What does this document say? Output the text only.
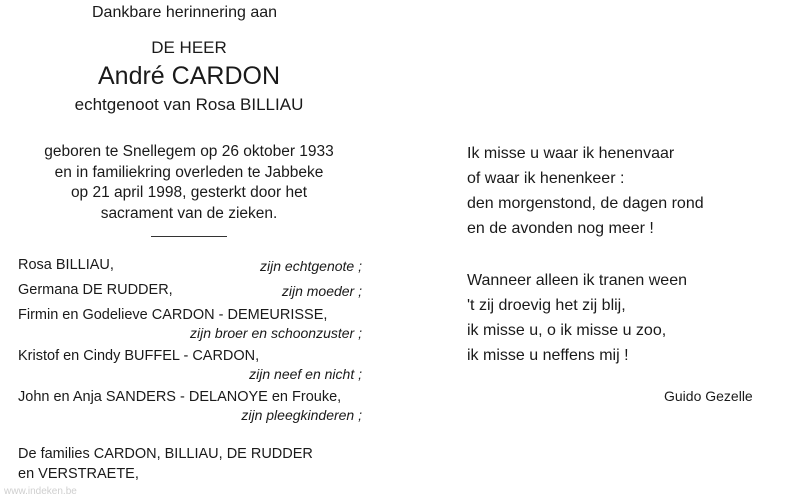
Dankbare herinnering aan
DE HEER
André CARDON
echtgenoot van Rosa BILLIAU
geboren te Snellegem op 26 oktober 1933
en in familiekring overleden te Jabbeke
op 21 april 1998, gesterkt door het
sacrament van de zieken.
Rosa BILLIAU,	zijn echtgenote ;
Germana DE RUDDER,	zijn moeder ;
Firmin en Godelieve CARDON - DEMEURISSE,
zijn broer en schoonzuster ;
Kristof en Cindy BUFFEL - CARDON,
zijn neef en nicht ;
John en Anja SANDERS - DELANOYE en Frouke,
zijn pleegkinderen ;
De families CARDON, BILLIAU, DE RUDDER
en VERSTRAETE,
Ik misse u waar ik henenvaar
of waar ik henenkeer :
den morgenstond, de dagen rond
en de avonden nog meer !
Wanneer alleen ik tranen ween
't zij droevig het zij blij,
ik misse u, o ik misse u zoo,
ik misse u neffens mij !
Guido Gezelle
www.indeken.be
